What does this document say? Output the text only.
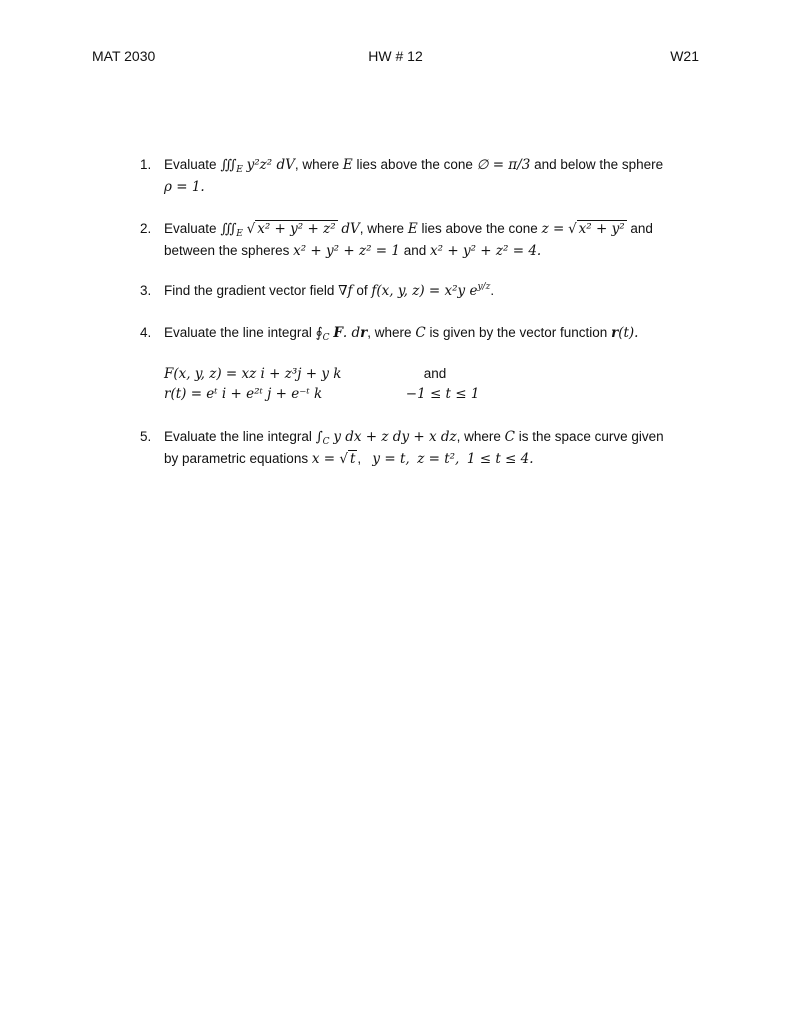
MAT 2030	HW # 12	W21
1. Evaluate $∭_E$ y²z² dV, where E lies above the cone ∅ = π/3 and below the sphere
ρ = 1.
2. Evaluate $∭_E$ √ x² + y² + z² dV, where E lies above the cone z = √ x² + y² and
between the spheres x² + y² + z² = 1 and x² + y² + z² = 4.
3. Find the gradient vector field ∇f of f(x, y, z) = x²y $e^{y/z}$.
4. Evaluate the line integral $∮_C$ F. dr, where C is given by the vector function r(t).
F(x, y, z) = xz i + z³j + y k	and
r(t) = eᵗ i + e²ᵗ j + e⁻ᵗ k	−1 ≤ t ≤ 1
5. Evaluate the line integral $\int_C$ y dx + z dy + x dz, where C is the space curve given
by parametric equations x = √ t ,   y = t, z = t², 1 ≤ t ≤ 4.
